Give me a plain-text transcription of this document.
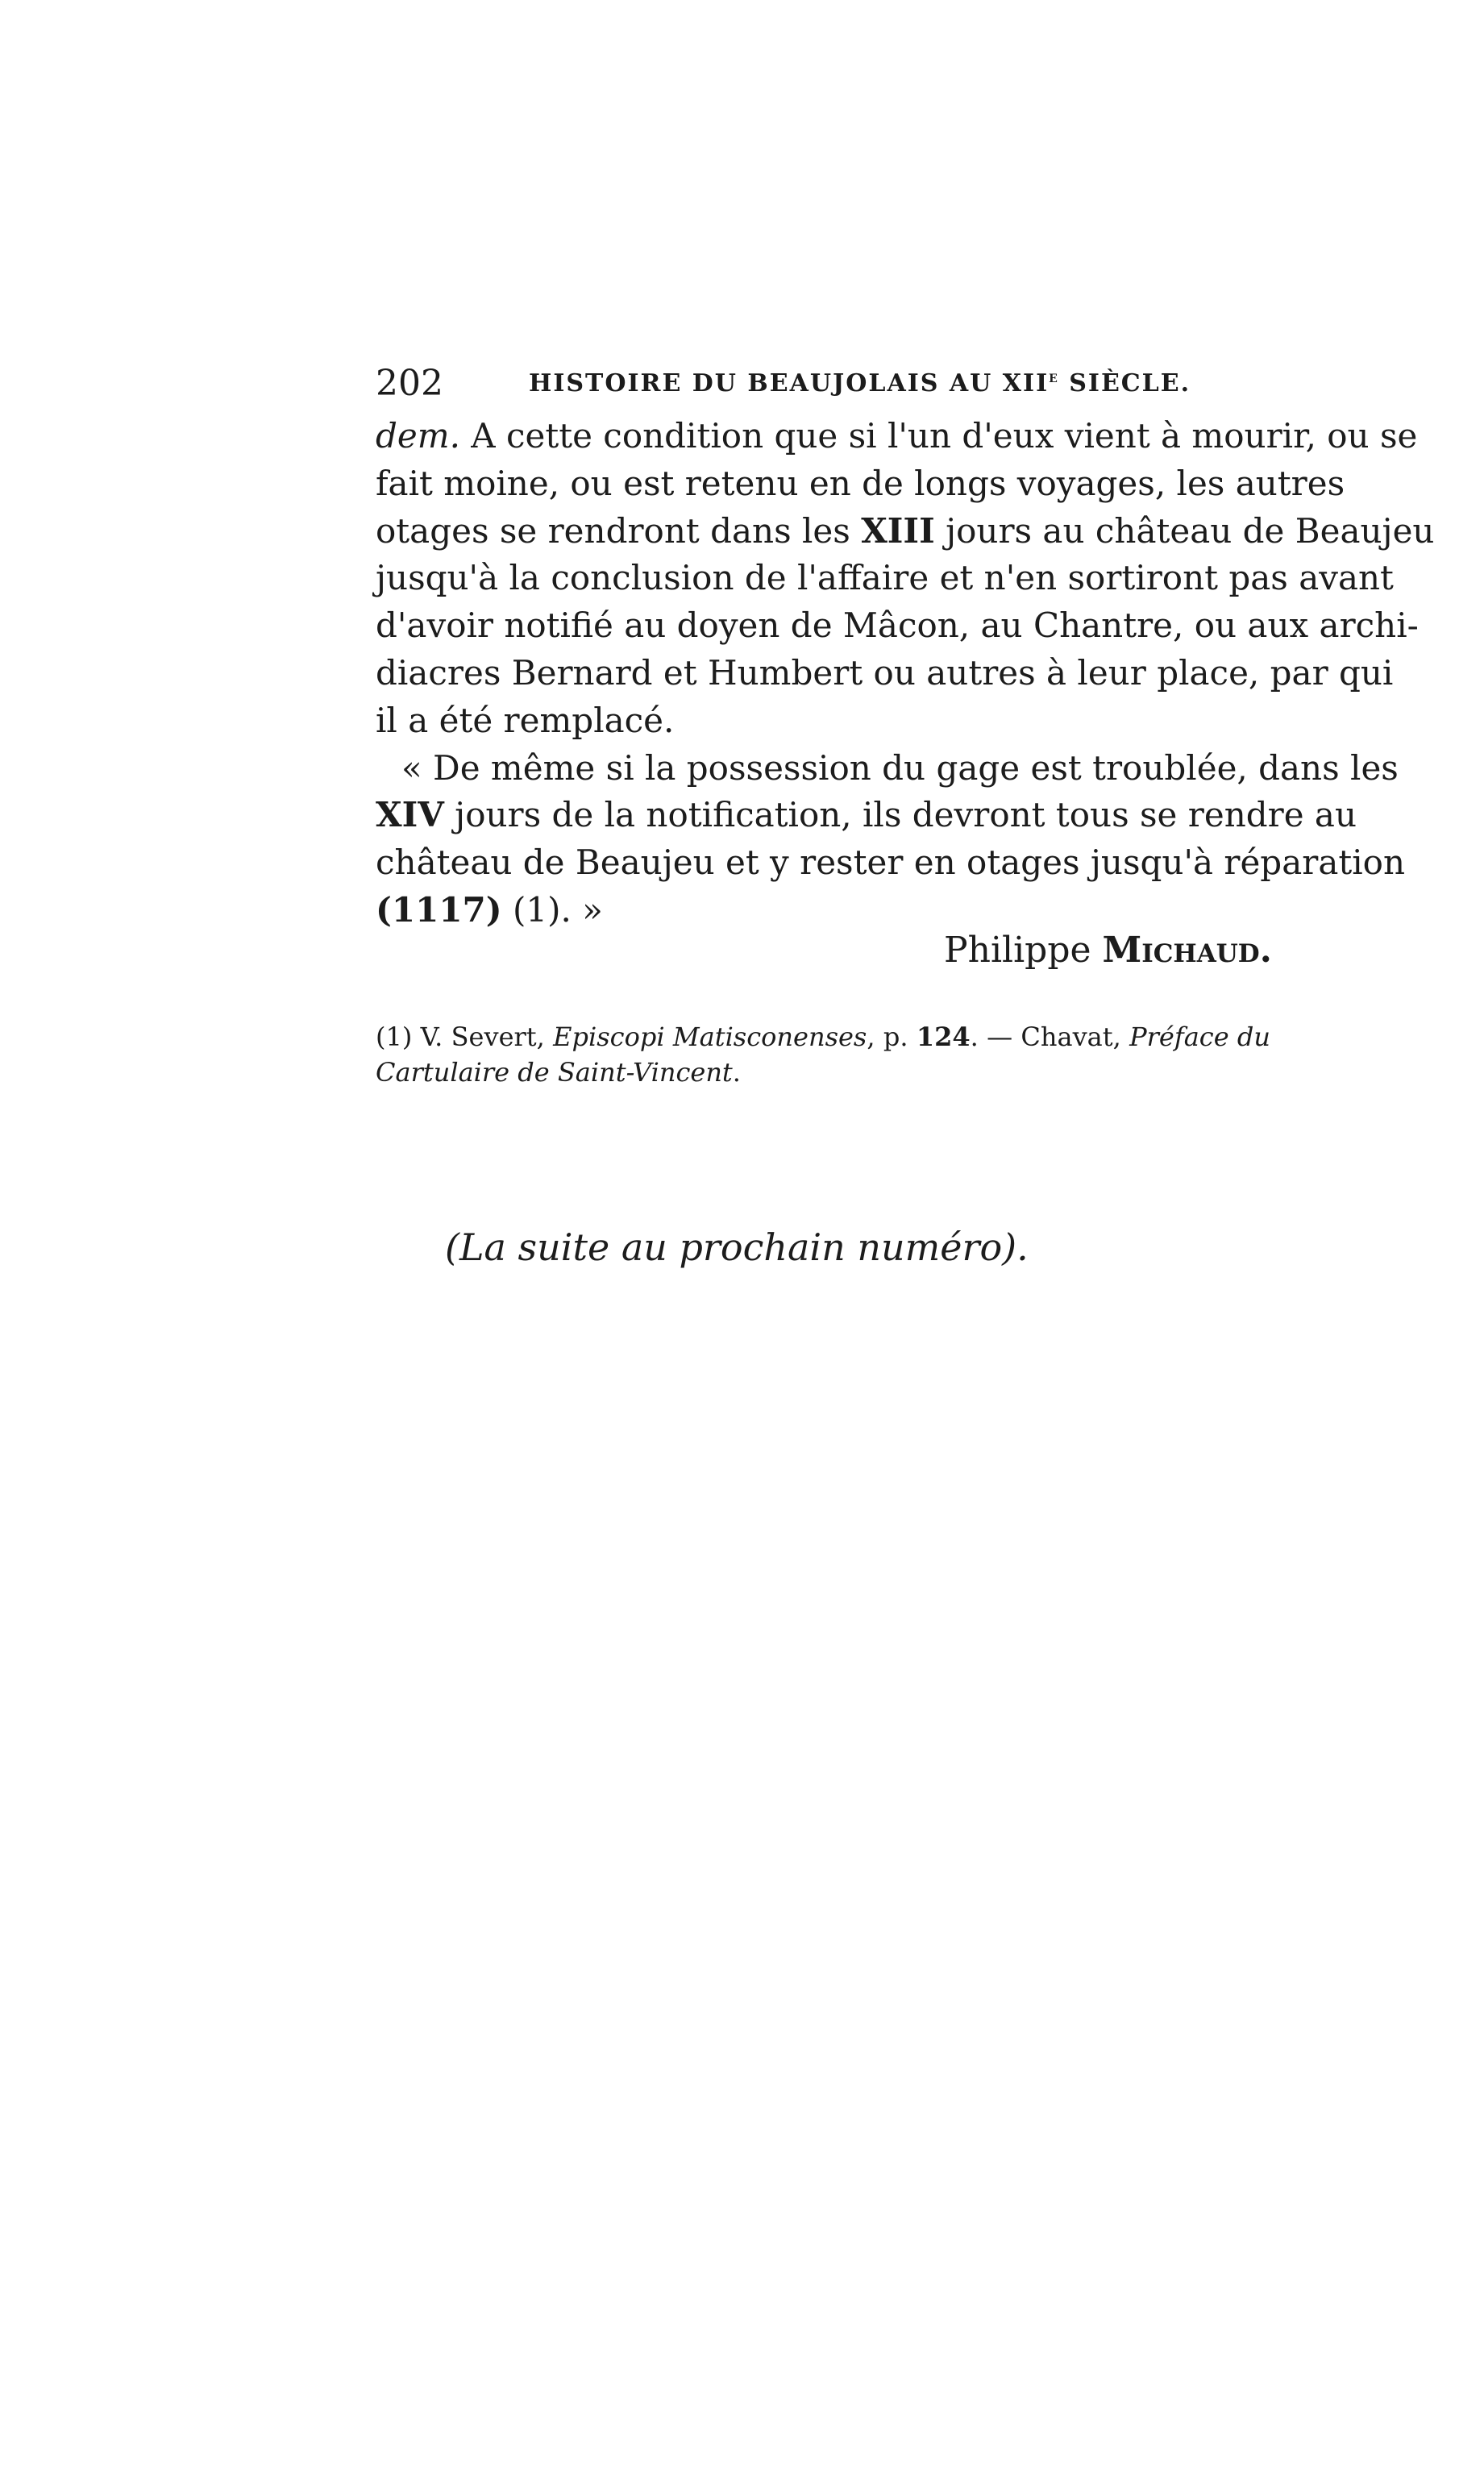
202	HISTOIRE DU BEAUJOLAIS AU XIIe SIÈCLE.

dem. A cette condition que si l'un d'eux vient à mourir, ou se
fait moine, ou est retenu en de longs voyages, les autres
otages se rendront dans les XIII jours au château de Beaujeu
jusqu'à la conclusion de l'affaire et n'en sortiront pas avant
d'avoir notifié au doyen de Mâcon, au Chantre, ou aux archi-
diacres Bernard et Humbert ou autres à leur place, par qui
il a été remplacé.

« De même si la possession du gage est troublée, dans les
XIV jours de la notification, ils devront tous se rendre au
château de Beaujeu et y rester en otages jusqu'à réparation
(1117) (1). »

Philippe Michaud.
(1) V. Severt, Episcopi Matisconenses, p. 124. — Chavat, Préface du
Cartulaire de Saint-Vincent.
(La suite au prochain numéro).
